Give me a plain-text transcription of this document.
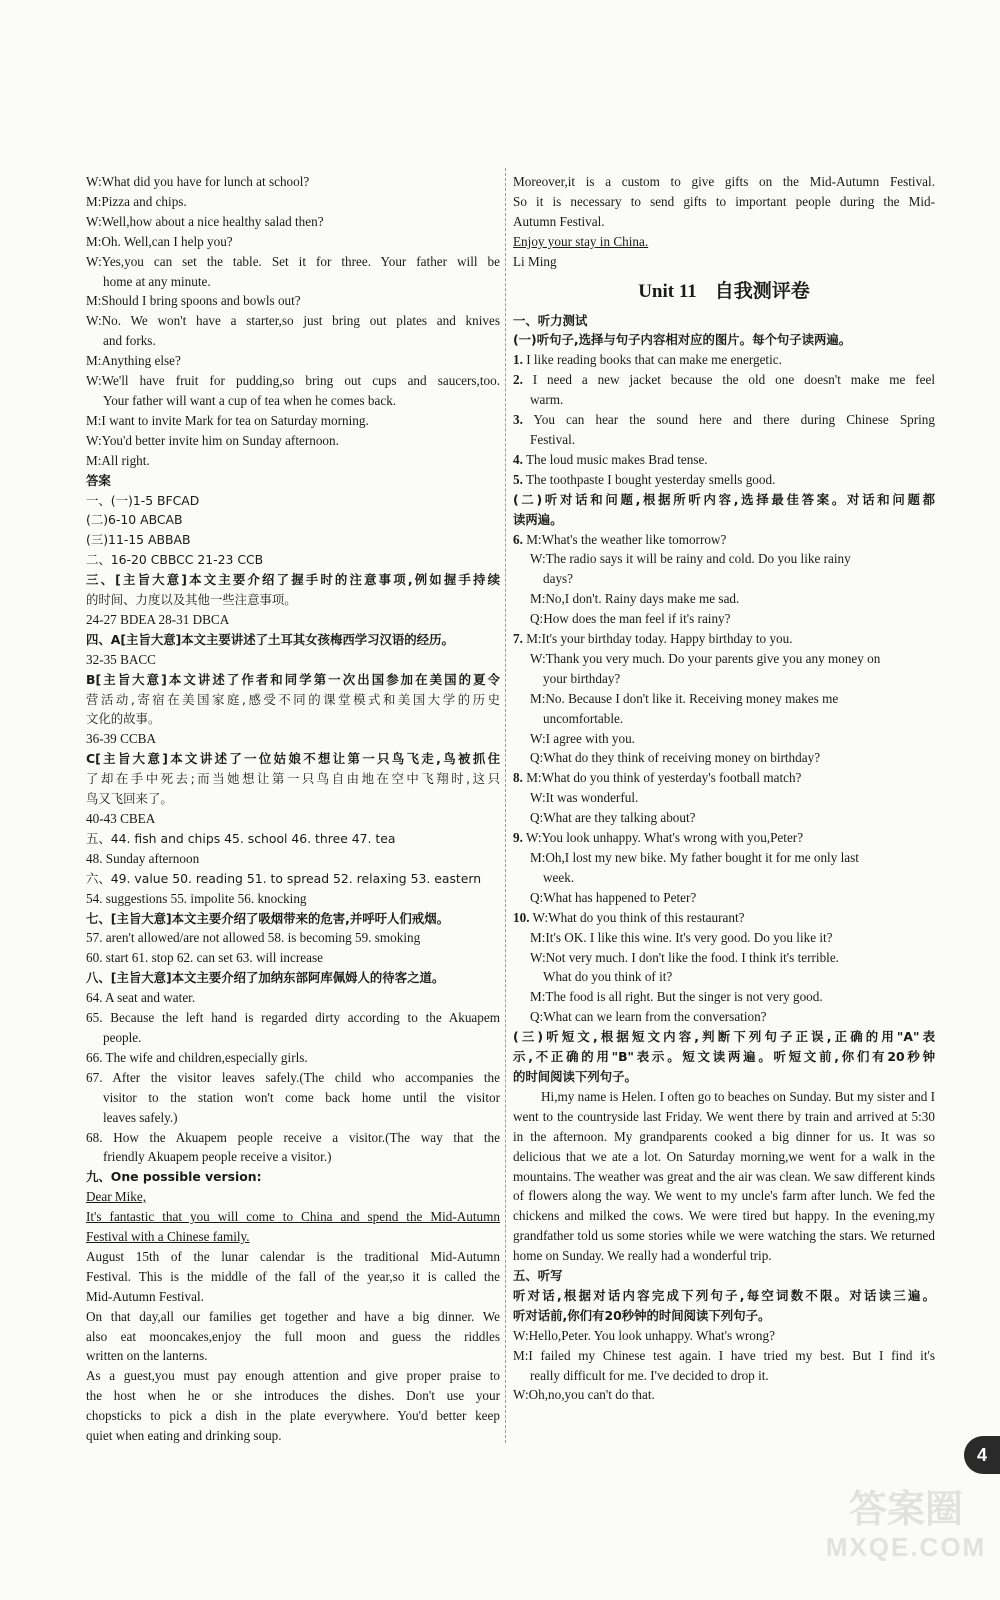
W:What did you have for lunch at school?
M:Pizza and chips.
W:Well,how about a nice healthy salad then?
M:Oh. Well,can I help you?
W:Yes,you can set the table. Set it for three. Your father will be
home at any minute.
M:Should I bring spoons and bowls out?
W:No. We won't have a starter,so just bring out plates and knives
and forks.
M:Anything else?
W:We'll have fruit for pudding,so bring out cups and saucers,too.
Your father will want a cup of tea when he comes back.
M:I want to invite Mark for tea on Saturday morning.
W:You'd better invite him on Sunday afternoon.
M:All right.
答案
一、(一)1-5 BFCAD
(二)6-10 ABCAB
(三)11-15 ABBAB
二、16-20 CBBCC 21-23 CCB
三、[主旨大意]本文主要介绍了握手时的注意事项,例如握手持续
的时间、力度以及其他一些注意事项。
24-27 BDEA 28-31 DBCA
四、A[主旨大意]本文主要讲述了土耳其女孩梅西学习汉语的经历。
32-35 BACC
B[主旨大意]本文讲述了作者和同学第一次出国参加在美国的夏令
营活动,寄宿在美国家庭,感受不同的课堂模式和美国大学的历史
文化的故事。
36-39 CCBA
C[主旨大意]本文讲述了一位姑娘不想让第一只鸟飞走,鸟被抓住
了却在手中死去;而当她想让第一只鸟自由地在空中飞翔时,这只
鸟又飞回来了。
40-43 CBEA
五、44. fish and chips 45. school 46. three 47. tea
48. Sunday afternoon
六、49. value 50. reading 51. to spread 52. relaxing 53. eastern
54. suggestions 55. impolite 56. knocking
七、[主旨大意]本文主要介绍了吸烟带来的危害,并呼吁人们戒烟。
57. aren't allowed/are not allowed 58. is becoming 59. smoking
60. start 61. stop 62. can set 63. will increase
八、[主旨大意]本文主要介绍了加纳东部阿库佩姆人的待客之道。
64. A seat and water.
65. Because the left hand is regarded dirty according to the Akuapem
people.
66. The wife and children,especially girls.
67. After the visitor leaves safely.(The child who accompanies the
visitor to the station won't come back home until the visitor
leaves safely.)
68. How the Akuapem people receive a visitor.(The way that the
friendly Akuapem people receive a visitor.)
九、One possible version:
Dear Mike,
It's fantastic that you will come to China and spend the Mid-Autumn
Festival with a Chinese family.
August 15th of the lunar calendar is the traditional Mid-Autumn
Festival. This is the middle of the fall of the year,so it is called the
Mid-Autumn Festival.
On that day,all our families get together and have a big dinner. We
also eat mooncakes,enjoy the full moon and guess the riddles
written on the lanterns.
As a guest,you must pay enough attention and give proper praise to
the host when he or she introduces the dishes. Don't use your
chopsticks to pick a dish in the plate everywhere. You'd better keep
quiet when eating and drinking soup.
Moreover,it is a custom to give gifts on the Mid-Autumn Festival.
So it is necessary to send gifts to important people during the Mid-
Autumn Festival.
Enjoy your stay in China.
Li Ming
Unit 11 自我测评卷
一、听力测试
(一)听句子,选择与句子内容相对应的图片。每个句子读两遍。
1. I like reading books that can make me energetic.
2. I need a new jacket because the old one doesn't make me feel
warm.
3. You can hear the sound here and there during Chinese Spring
Festival.
4. The loud music makes Brad tense.
5. The toothpaste I bought yesterday smells good.
(二)听对话和问题,根据所听内容,选择最佳答案。对话和问题都
读两遍。
6. M:What's the weather like tomorrow?
W:The radio says it will be rainy and cold. Do you like rainy
days?
M:No,I don't. Rainy days make me sad.
Q:How does the man feel if it's rainy?
7. M:It's your birthday today. Happy birthday to you.
W:Thank you very much. Do your parents give you any money on
your birthday?
M:No. Because I don't like it. Receiving money makes me
uncomfortable.
W:I agree with you.
Q:What do they think of receiving money on birthday?
8. M:What do you think of yesterday's football match?
W:It was wonderful.
Q:What are they talking about?
9. W:You look unhappy. What's wrong with you,Peter?
M:Oh,I lost my new bike. My father bought it for me only last
week.
Q:What has happened to Peter?
10. W:What do you think of this restaurant?
M:It's OK. I like this wine. It's very good. Do you like it?
W:Not very much. I don't like the food. I think it's terrible.
What do you think of it?
M:The food is all right. But the singer is not very good.
Q:What can we learn from the conversation?
(三)听短文,根据短文内容,判断下列句子正误,正确的用"A"表
示,不正确的用"B"表示。短文读两遍。听短文前,你们有20秒钟
的时间阅读下列句子。
Hi,my name is Helen. I often go to beaches on Sunday. But my sister and I went to the countryside last Friday. We went there by train and arrived at 5:30 in the afternoon. My grandparents cooked a big dinner for us. It was so delicious that we ate a lot. On Saturday morning,we went for a walk in the mountains. The weather was great and the air was clean. We saw different kinds of flowers along the way. We went to my uncle's farm after lunch. We fed the chickens and milked the cows. We were tired but happy. In the evening,my grandfather told us some stories while we were watching the stars. We returned home on Sunday. We really had a wonderful trip.
五、听写
听对话,根据对话内容完成下列句子,每空词数不限。对话读三遍。
听对话前,你们有20秒钟的时间阅读下列句子。
W:Hello,Peter. You look unhappy. What's wrong?
M:I failed my Chinese test again. I have tried my best. But I find it's
really difficult for me. I've decided to drop it.
W:Oh,no,you can't do that.
4
答案圈
MXQE.COM
